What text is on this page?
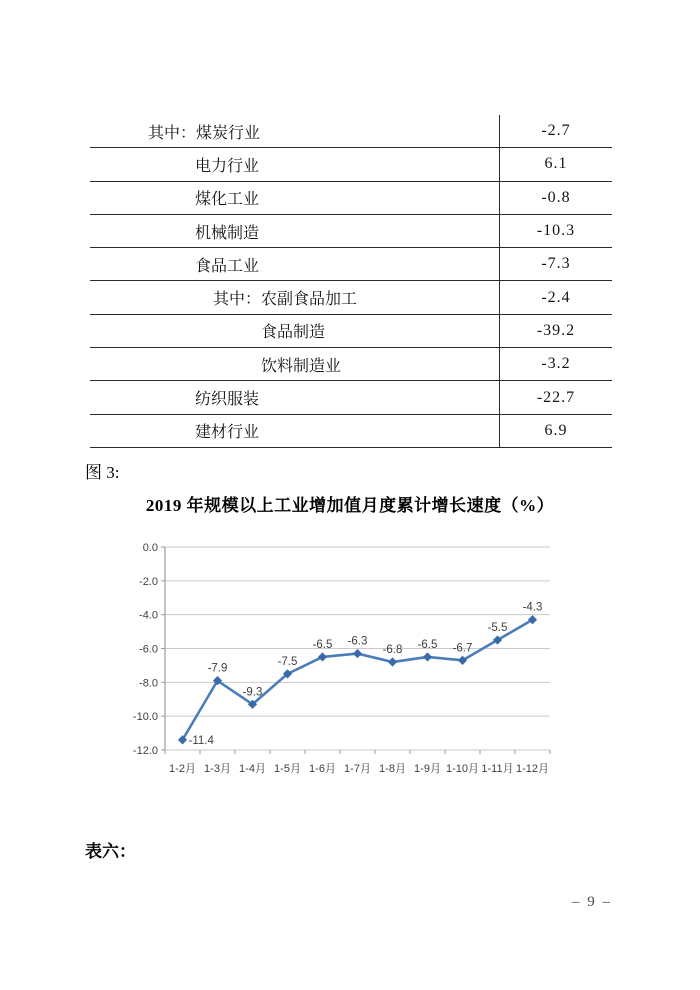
其中：煤炭行业	-2.7
电力行业	6.1
煤化工业	-0.8
机械制造	-10.3
食品工业	-7.3
其中：农副食品加工	-2.4
食品制造	-39.2
饮料制造业	-3.2
纺织服装	-22.7
建材行业	6.9
图 3:
2019 年规模以上工业增加值月度累计增长速度（%）
0.0
-2.0
-4.0
-6.0
-8.0
-10.0
-12.0
-11.4
-7.9
-9.3
-7.5
-6.5 -6.3
-6.8 -6.5 -6.7
-5.5
-4.3
1-2月 1-3月 1-4月 1-5月 1-6月 1-7月 1-8月 1-9月 1-10月 1-11月 1-12月
表六：
– 9 –
